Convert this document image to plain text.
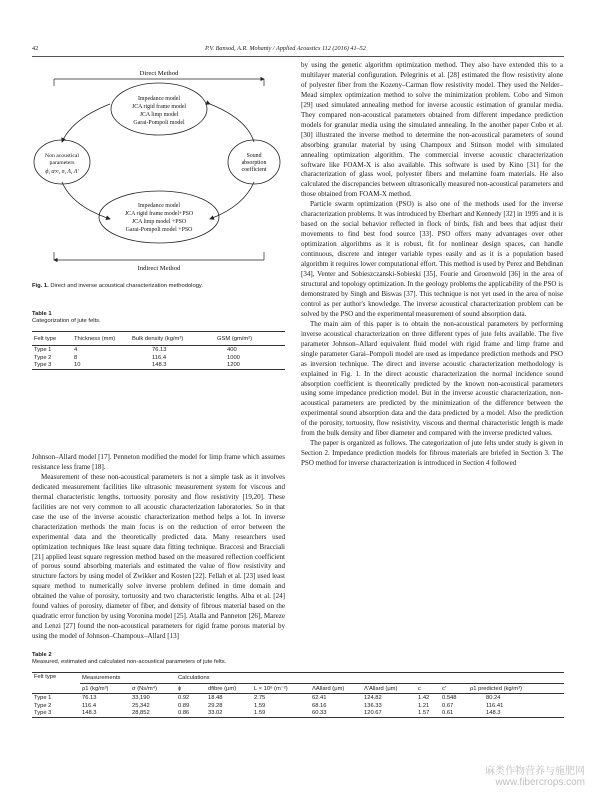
42	P.V. Bansod, A.R. Mohanty / Applied Acoustics 112 (2016) 41–52
Direct Method
Impedance model
JCA rigid frame model
JCA limp model
Garai-Pompoli model
Non acoustical
parameters
ϕ, α∞, σ, Λ, Λ′
Sound
absorption
coefficient
Impedance model
JCA rigid frame model+PSO
JCA limp model +PSO
Garai-Pompoli model +PSO
Indirect Method
Fig. 1. Direct and inverse acoustical characterization methodology.
Table 1
Categorization of jute felts.
Felt type	Thickness (mm)	Bulk density (kg/m³)	GSM (gm/m²)
Type 1	4	76.13	400
Type 2	8	116.4	1000
Type 3	10	148.3	1200

Johnson–Allard model [17]. Penneton modified the model for limp frame which assumes resistance less frame [18].

Measurement of these non-acoustical parameters is not a simple task as it involves dedicated measurement facilities like ultrasonic measurement system for viscous and thermal characteristic lengths, tortuosity porosity and flow resistivity [19,20]. These facilities are not very common to all acoustic characterization laboratories. So in that case the use of the inverse acoustic characterization method helps a lot. In inverse characterization methods the main focus is on the reduction of error between the experimental data and the theoretically predicted data. Many researchers used optimization techniques like least square data fitting technique. Braccesi and Bracciali [21] applied least square regression method based on the measured reflection coefficient of porous sound absorbing materials and estimated the value of flow resistivity and structure factors by using model of Zwikker and Kosten [22]. Fellah et al. [23] used least square method to numerically solve inverse problem defined in time domain and obtained the value of porosity, tortuosity and two characteristic lengths. Alba et al. [24] found values of porosity, diameter of fiber, and density of fibrous material based on the quadratic error function by using Voronina model [25]. Atalla and Panneton [26], Mareze and Lenzi [27] found the non-acoustical parameters for rigid frame porous material by using the model of Johnson–Champoux–Allard [13]

by using the genetic algorithm optimization method. They also have extended this to a multilayer material configuration. Pelegrinis et al. [28] estimated the flow resistivity alone of polyester fiber from the Kozeny–Carman flow resistivity model. They used the Nelder–Mead simplex optimization method to solve the minimization problem. Cobo and Simon [29] used simulated annealing method for inverse acoustic estimation of granular media. They compared non-acoustical parameters obtained from different impedance prediction models for granular media using the simulated annealing. In the another paper Cobo et al. [30] illustrated the inverse method to determine the non-acoustical parameters of sound absorbing granular material by using Champoux and Stinson model with simulated annealing optimization algorithm. The commercial inverse acoustic characterization software like FOAM-X is also available. This software is used by Kino [31] for the characterization of glass wool, polyester fibers and melamine foam materials. He also calculated the discrepancies between ultrasonically measured non-acoustical parameters and those obtained from FOAM-X method.

Particle swarm optimization (PSO) is also one of the methods used for the inverse characterization problems. It was introduced by Eberhart and Kennedy [32] in 1995 and it is based on the social behavior reflected in flock of birds, fish and bees that adjust their movements to find best food source [33]. PSO offers many advantages over other optimization algorithms as it is robust, fit for nonlinear design spaces, can handle continuous, discrete and integer variable types easily and as it is a population based algorithm it requires lower computational effort. This method is used by Perez and Behdinan [34], Venter and Sobieszczanski-Sobieski [35], Fourie and Groenwold [36] in the area of structural and topology optimization. In the geology problems the applicability of the PSO is demonstrated by Singh and Biswas [37]. This technique is not yet used in the area of noise control as per author's knowledge. The inverse acoustical characterization problem can be solved by the PSO and the experimental measurement of sound absorption data.

The main aim of this paper is to obtain the non-acoustical parameters by performing inverse acoustical characterization on three different types of jute felts available. The five parameter Johnson–Allard equivalent fluid model with rigid frame and limp frame and single parameter Garai–Pompoli model are used as impedance prediction methods and PSO as inversion technique. The direct and inverse acoustic characterization methodology is explained in Fig. 1. In the direct acoustic characterization the normal incidence sound absorption coefficient is theoretically predicted by the known non-acoustical parameters using some impedance prediction model. But in the inverse acoustic characterization, non-acoustical parameters are predicted by the minimization of the difference between the experimental sound absorption data and the data predicted by a model. Also the prediction of the porosity, tortuosity, flow resistivity, viscous and thermal characteristic length is made from the bulk density and fiber diameter and compared with the inverse predicted values.

The paper is organized as follows. The categorization of jute felts under study is given in Section 2. Impedance prediction models for fibrous materials are briefed in Section 3. The PSO method for inverse characterization is introduced in Section 4 followed

Table 2
Measured, estimated and calculated non-acoustical parameters of jute felts.
Felt type	Measurements		Calculations							
	ρ1 (kg/m³)	σ (Ns/m⁴)	ϕ	dfibre (μm)	L × 10⁶ (m⁻²)	ΛAllard (μm)	Λ′Allard (μm)	c	c′	ρ1 predicted (kg/m³)
Type 1	76.13	33,190	0.92	18.48	2.75	62.41	124.82	1.42	0.548	80.24
Type 2	116.4	25,342	0.89	29.28	1.59	68.16	136.33	1.21	0.67	116.41
Type 3	148.3	28,852	0.86	33.02	1.59	60.33	120.67	1.57	0.61	148.3
麻类作物营养与施肥网
www.fibercrops.com
